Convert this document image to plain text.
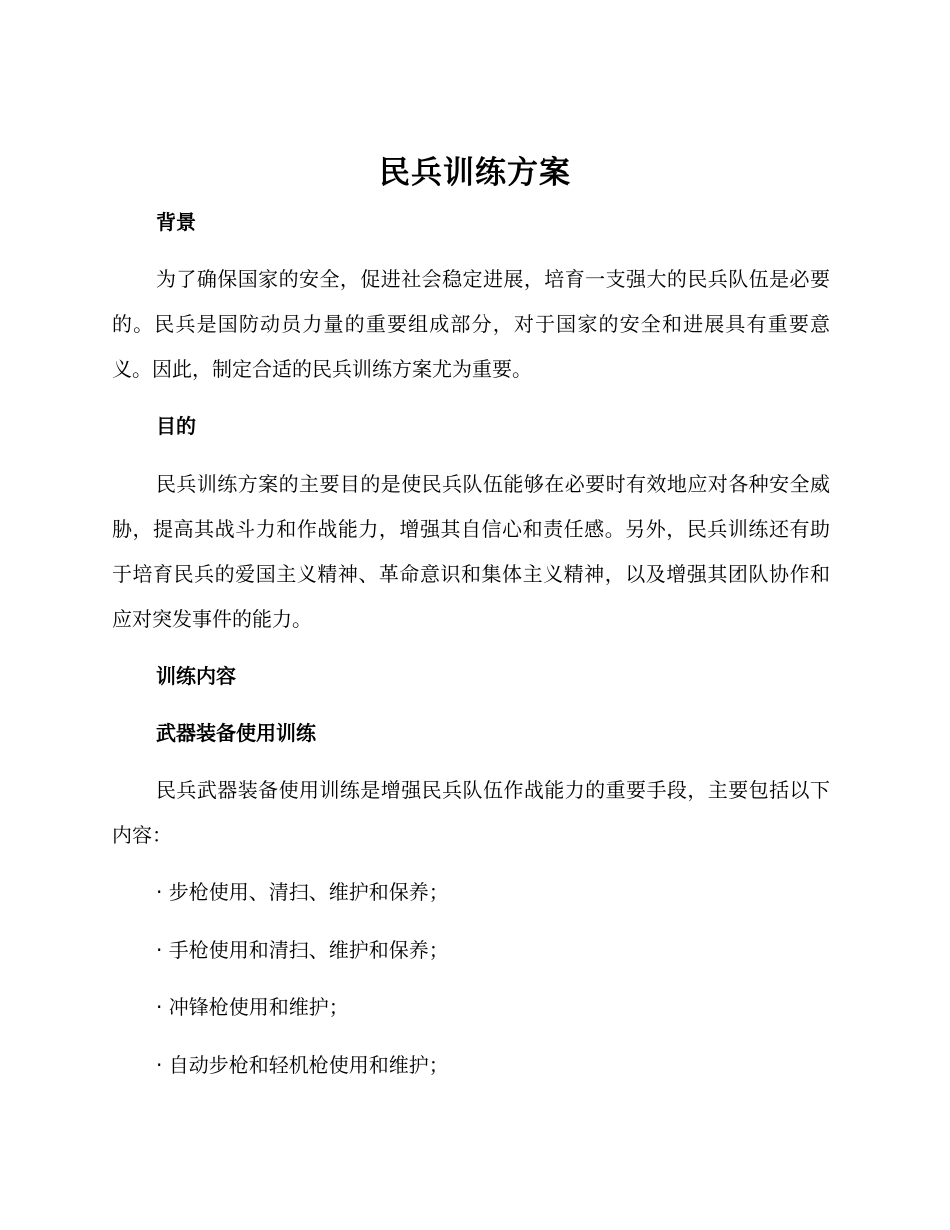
民兵训练方案
背景

为了确保国家的安全，促进社会稳定进展，培育一支强大的民兵队伍是必要的。民兵是国防动员力量的重要组成部分，对于国家的安全和进展具有重要意义。因此，制定合适的民兵训练方案尤为重要。

目的

民兵训练方案的主要目的是使民兵队伍能够在必要时有效地应对各种安全威胁，提高其战斗力和作战能力，增强其自信心和责任感。另外，民兵训练还有助于培育民兵的爱国主义精神、革命意识和集体主义精神，以及增强其团队协作和应对突发事件的能力。

训练内容
武器装备使用训练

民兵武器装备使用训练是增强民兵队伍作战能力的重要手段，主要包括以下内容：

· 步枪使用、清扫、维护和保养；
· 手枪使用和清扫、维护和保养；
· 冲锋枪使用和维护；
· 自动步枪和轻机枪使用和维护；
